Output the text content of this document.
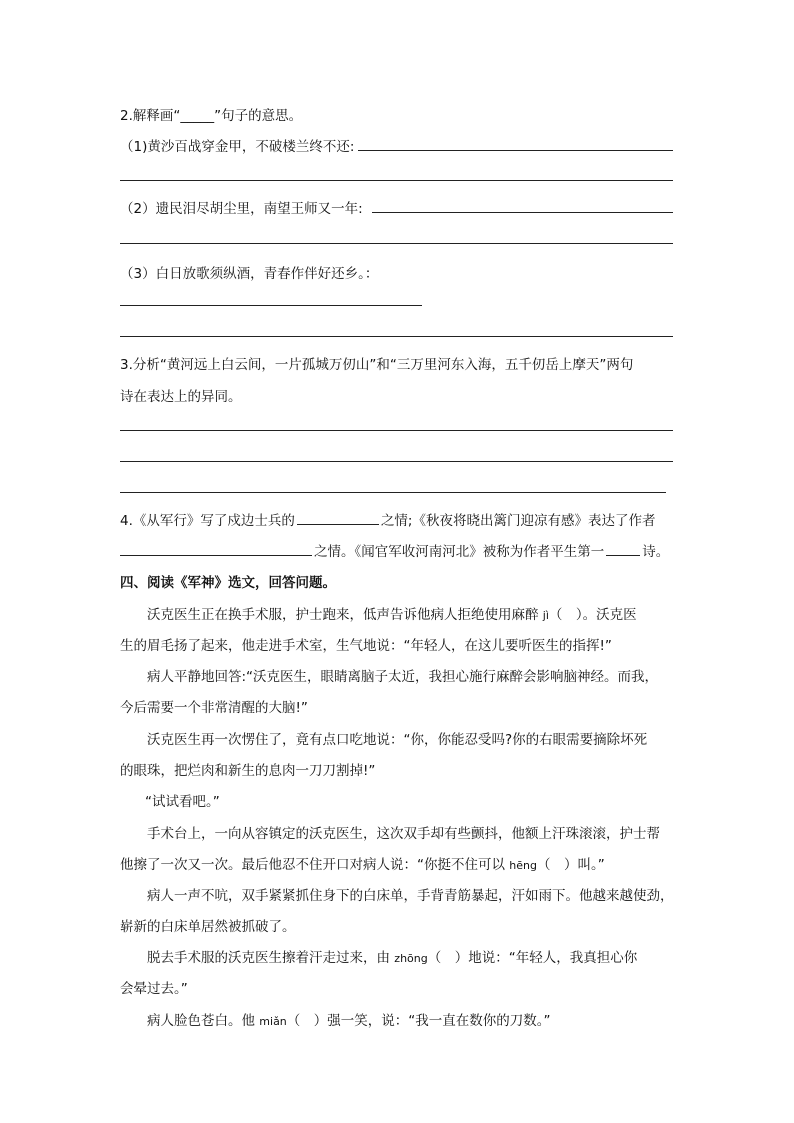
2.解释画“_____”句子的意思。
（1)黄沙百战穿金甲，不破楼兰终不还:
（2）遗民泪尽胡尘里，南望王师又一年:
（3）白日放歌须纵酒，青春作伴好还乡。：
3.分析“黄河远上白云间，一片孤城万仞山”和“三万里河东入海，五千仞岳上摩天”两句
诗在表达上的异同。
4.《从军行》写了戍边士兵的	之情;《秋夜将晓出篱门迎凉有感》表达了作者
之情。《闻官军收河南河北》被称为作者平生第一	诗。
四、阅读《军神》选文，回答问题。
沃克医生正在换手术服，护士跑来，低声告诉他病人拒绝使用麻醉 jì（　）。沃克医
生的眉毛扬了起来，他走进手术室，生气地说：“年轻人，在这儿要听医生的指挥!”
病人平静地回答:“沃克医生，眼睛离脑子太近，我担心施行麻醉会影响脑神经。而我，
今后需要一个非常清醒的大脑!”
沃克医生再一次愣住了，竟有点口吃地说：“你，你能忍受吗?你的右眼需要摘除坏死
的眼珠，把烂肉和新生的息肉一刀刀割掉!”
“试试看吧。”
手术台上，一向从容镇定的沃克医生，这次双手却有些颤抖，他额上汗珠滚滚，护士帮
他擦了一次又一次。最后他忍不住开口对病人说：“你挺不住可以 hēng（　）叫。”
病人一声不吭，双手紧紧抓住身下的白床单，手背青筋暴起，汗如雨下。他越来越使劲，
崭新的白床单居然被抓破了。
脱去手术服的沃克医生擦着汗走过来，由 zhōng（　）地说：“年轻人，我真担心你
会晕过去。”
病人脸色苍白。他 miǎn（　）强一笑，说：“我一直在数你的刀数。”
